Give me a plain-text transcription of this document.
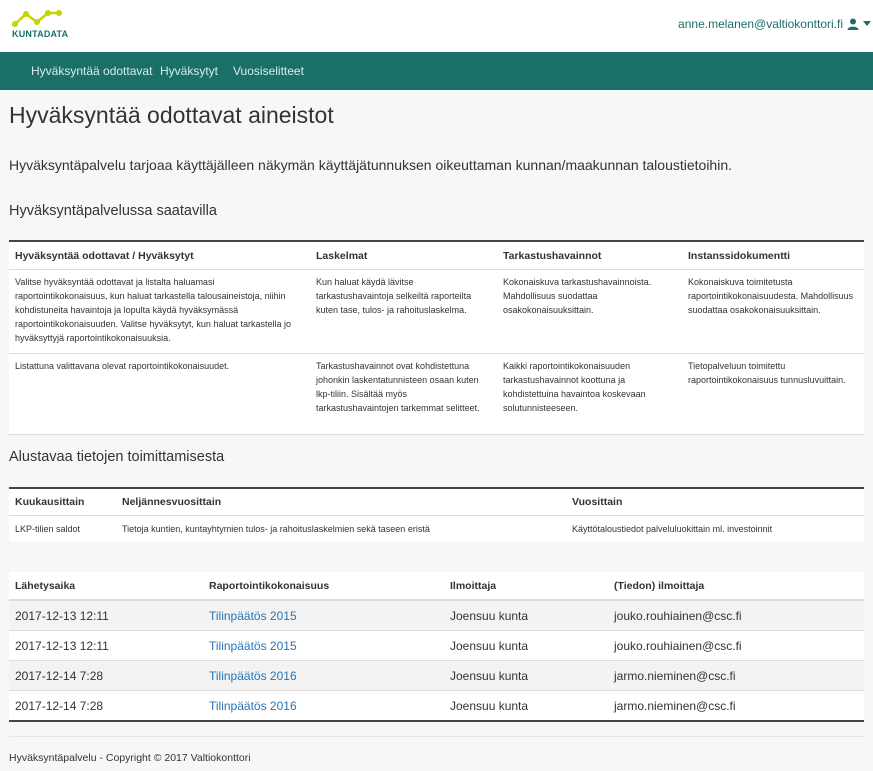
KUNTADATA
anne.melanen@valtiokonttori.fi
Hyväksyntää odottavat Hyväksytyt Vuosiselitteet
Hyväksyntää odottavat aineistot
Hyväksyntäpalvelu tarjoaa käyttäjälleen näkymän käyttäjätunnuksen oikeuttaman kunnan/maakunnan taloustietoihin.
Hyväksyntäpalvelussa saatavilla
Hyväksyntää odottavat / Hyväksytyt	Laskelmat	Tarkastushavainnot	Instanssidokumentti
Valitse hyväksyntää odottavat ja listalta haluamasi raportointikokonaisuus, kun haluat tarkastella talousaineistoja, niihin kohdistuneita havaintoja ja lopulta käydä hyväksymässä raportointikokonaisuuden. Valitse hyväksytyt, kun haluat tarkastella jo hyväksyttyjä raportointikokonaisuuksia.	Kun haluat käydä lävitse tarkastushavaintoja selkeiltä raporteilta kuten tase, tulos- ja rahoituslaskelma.	Kokonaiskuva tarkastushavainnoista. Mahdollisuus suodattaa osakokonaisuuksittain.	Kokonaiskuva toimitetusta raportointikokonaisuudesta. Mahdollisuus suodattaa osakokonaisuuksittain.
Listattuna valittavana olevat raportointikokonaisuudet.	Tarkastushavainnot ovat kohdistettuna johonkin laskentatunnisteen osaan kuten lkp-tiliin. Sisältää myös tarkastushavaintojen tarkemmat selitteet.	Kaikki raportointikokonaisuuden tarkastushavainnot koottuna ja kohdistettuina havaintoa koskevaan solutunnisteeseen.	Tietopalveluun toimitettu raportointikokonaisuus tunnusluvuittain.
Alustavaa tietojen toimittamisesta
Kuukausittain	Neljännesvuosittain	Vuosittain
LKP-tilien saldot	Tietoja kuntien, kuntayhtymien tulos- ja rahoituslaskelmien sekä taseen eristä	Käyttötaloustiedot palveluluokittain ml. investoinnit
Lähetysaika	Raportointikokonaisuus	Ilmoittaja	(Tiedon) ilmoittaja
2017-12-13 12:11	Tilinpäätös 2015	Joensuu kunta	jouko.rouhiainen@csc.fi
2017-12-13 12:11	Tilinpäätös 2015	Joensuu kunta	jouko.rouhiainen@csc.fi
2017-12-14 7:28	Tilinpäätös 2016	Joensuu kunta	jarmo.nieminen@csc.fi
2017-12-14 7:28	Tilinpäätös 2016	Joensuu kunta	jarmo.nieminen@csc.fi
Hyväksyntäpalvelu - Copyright © 2017 Valtiokonttori
